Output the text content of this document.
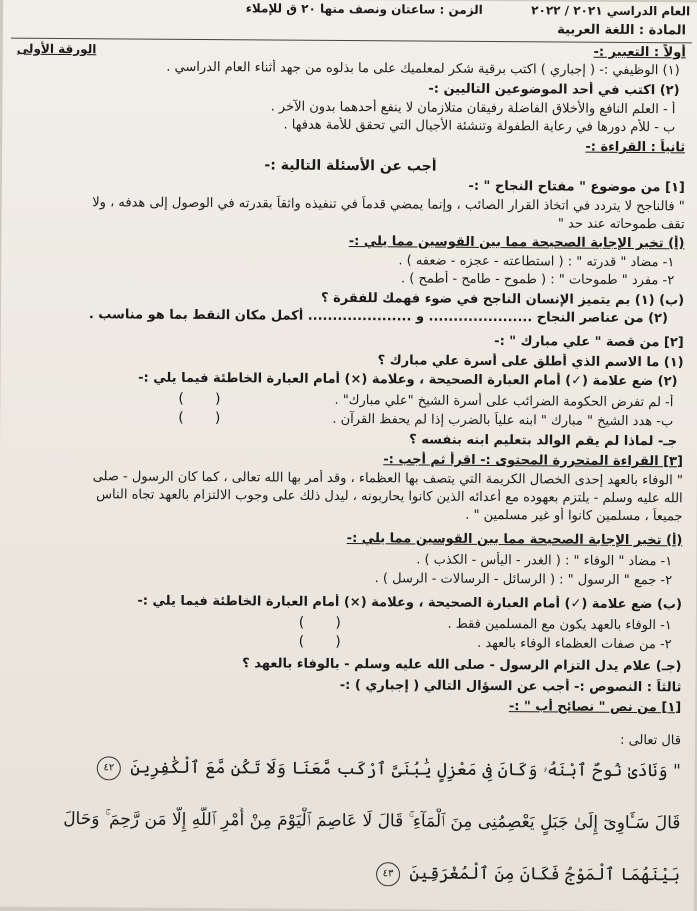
العام الدراسي ٢٠٢١ / ٢٠٢٢  الزمن : ساعتان ونصف منها ٢٠ ق للإملاء
المادة : اللغة العربية
أولاً : التعبير :-
الورقة الأولى
(١) الوظيفي :- ( إجباري ) اكتب برقية شكر لمعلميك على ما بذلوه من جهد أثناء العام الدراسي .
(٢) اكتب في أحد الموضوعين التاليين :-
أ - العلم النافع والأخلاق الفاضلة رفيقان متلازمان لا ينفع أحدهما بدون الآخر .
ب - للأم دورها في رعاية الطفولة وتنشئة الأجيال التي تحقق للأمة هدفها .
ثانياً : القراءة :-
أجب عن الأسئلة التالية :-
[١] من موضوع " مفتاح النجاح " :-
" فالناجح لا يتردد في اتخاذ القرار الصائب ، وإنما يمضي قدماً في تنفيذه واثقاً بقدرته في الوصول إلى هدفه ، ولا
تقف طموحاته عند حد "
(أ) تخير الإجابة الصحيحة مما بين القوسين مما يلي :-
١- مضاد " قدرته " : ( استطاعته - عجزه - ضعفه ) .
٢- مفرد " طموحات " : ( طموح - طامح - أطمح ) .
(ب) (١) بم يتميز الإنسان الناجح في ضوء فهمك للفقرة ؟
(٢) من عناصر النجاح ..................... و ..................... أكمل مكان النقط بما هو مناسب .
[٢] من قصة " علي مبارك " :-
(١) ما الاسم الذي أطلق على أسرة علي مبارك ؟
(٢) ضع علامة (✓) أمام العبارة الصحيحة ، وعلامة (×) أمام العبارة الخاطئة فيما يلي :-
أ- لم تفرض الحكومة الضرائب على أسرة الشيخ "علي مبارك" .
(       )
ب- هدد الشيخ " مبارك " ابنه علياً بالضرب إذا لم يحفظ القرآن .
(       )
جـ- لماذا لم يقم الوالد بتعليم ابنه بنفسه ؟
[٣] القراءة المتحررة المحتوى :- اقرأ ثم أجب :-
" الوفاء بالعهد إحدى الخصال الكريمة التي يتصف بها العظماء ، وقد أمر بها الله تعالى ، كما كان الرسول - صلى
الله عليه وسلم - يلتزم بعهوده مع أعدائه الذين كانوا يحاربونه ، ليدل ذلك على وجوب الالتزام بالعهد تجاه الناس
جميعاً ، مسلمين كانوا أو غير مسلمين " .
(أ) تخير الإجابة الصحيحة مما بين القوسين مما يلي :-
١- مضاد " الوفاء " : ( الغدر - اليأس - الكذب ) .
٢- جمع " الرسول " : ( الرسائل - الرسالات - الرسل ) .
(ب) ضع علامة (✓) أمام العبارة الصحيحة ، وعلامة (×) أمام العبارة الخاطئة فيما يلي :-
١- الوفاء بالعهد يكون مع المسلمين فقط .
(       )
٢- من صفات العظماء الوفاء بالعهد .
(       )
(جـ) علام يدل التزام الرسول - صلى الله عليه وسلم - بالوفاء بالعهد ؟
ثالثاً : النصوص :- أجب عن السؤال التالي ( إجباري ) :-
[١] من نص " نصائح أب " :-
قال تعالى :
" وَنَادَىٰ نُوحٌ ٱبْنَهُۥ وَكَانَ فِى مَعْزِلٍ يَٰبُنَىَّ ٱرْكَب مَّعَنَا وَلَا تَكُن مَّعَ ٱلْكَٰفِرِينَ ٤٢
قَالَ سَـَٔاوِىٓ إِلَىٰ جَبَلٍ يَعْصِمُنِى مِنَ ٱلْمَآءِ ۚ قَالَ لَا عَاصِمَ ٱلْيَوْمَ مِنْ أَمْرِ ٱللَّهِ إِلَّا مَن رَّحِمَ ۚ وَحَالَ
بَيْنَهُمَا ٱلْمَوْجُ فَكَانَ مِنَ ٱلْمُغْرَقِينَ ٤٣
